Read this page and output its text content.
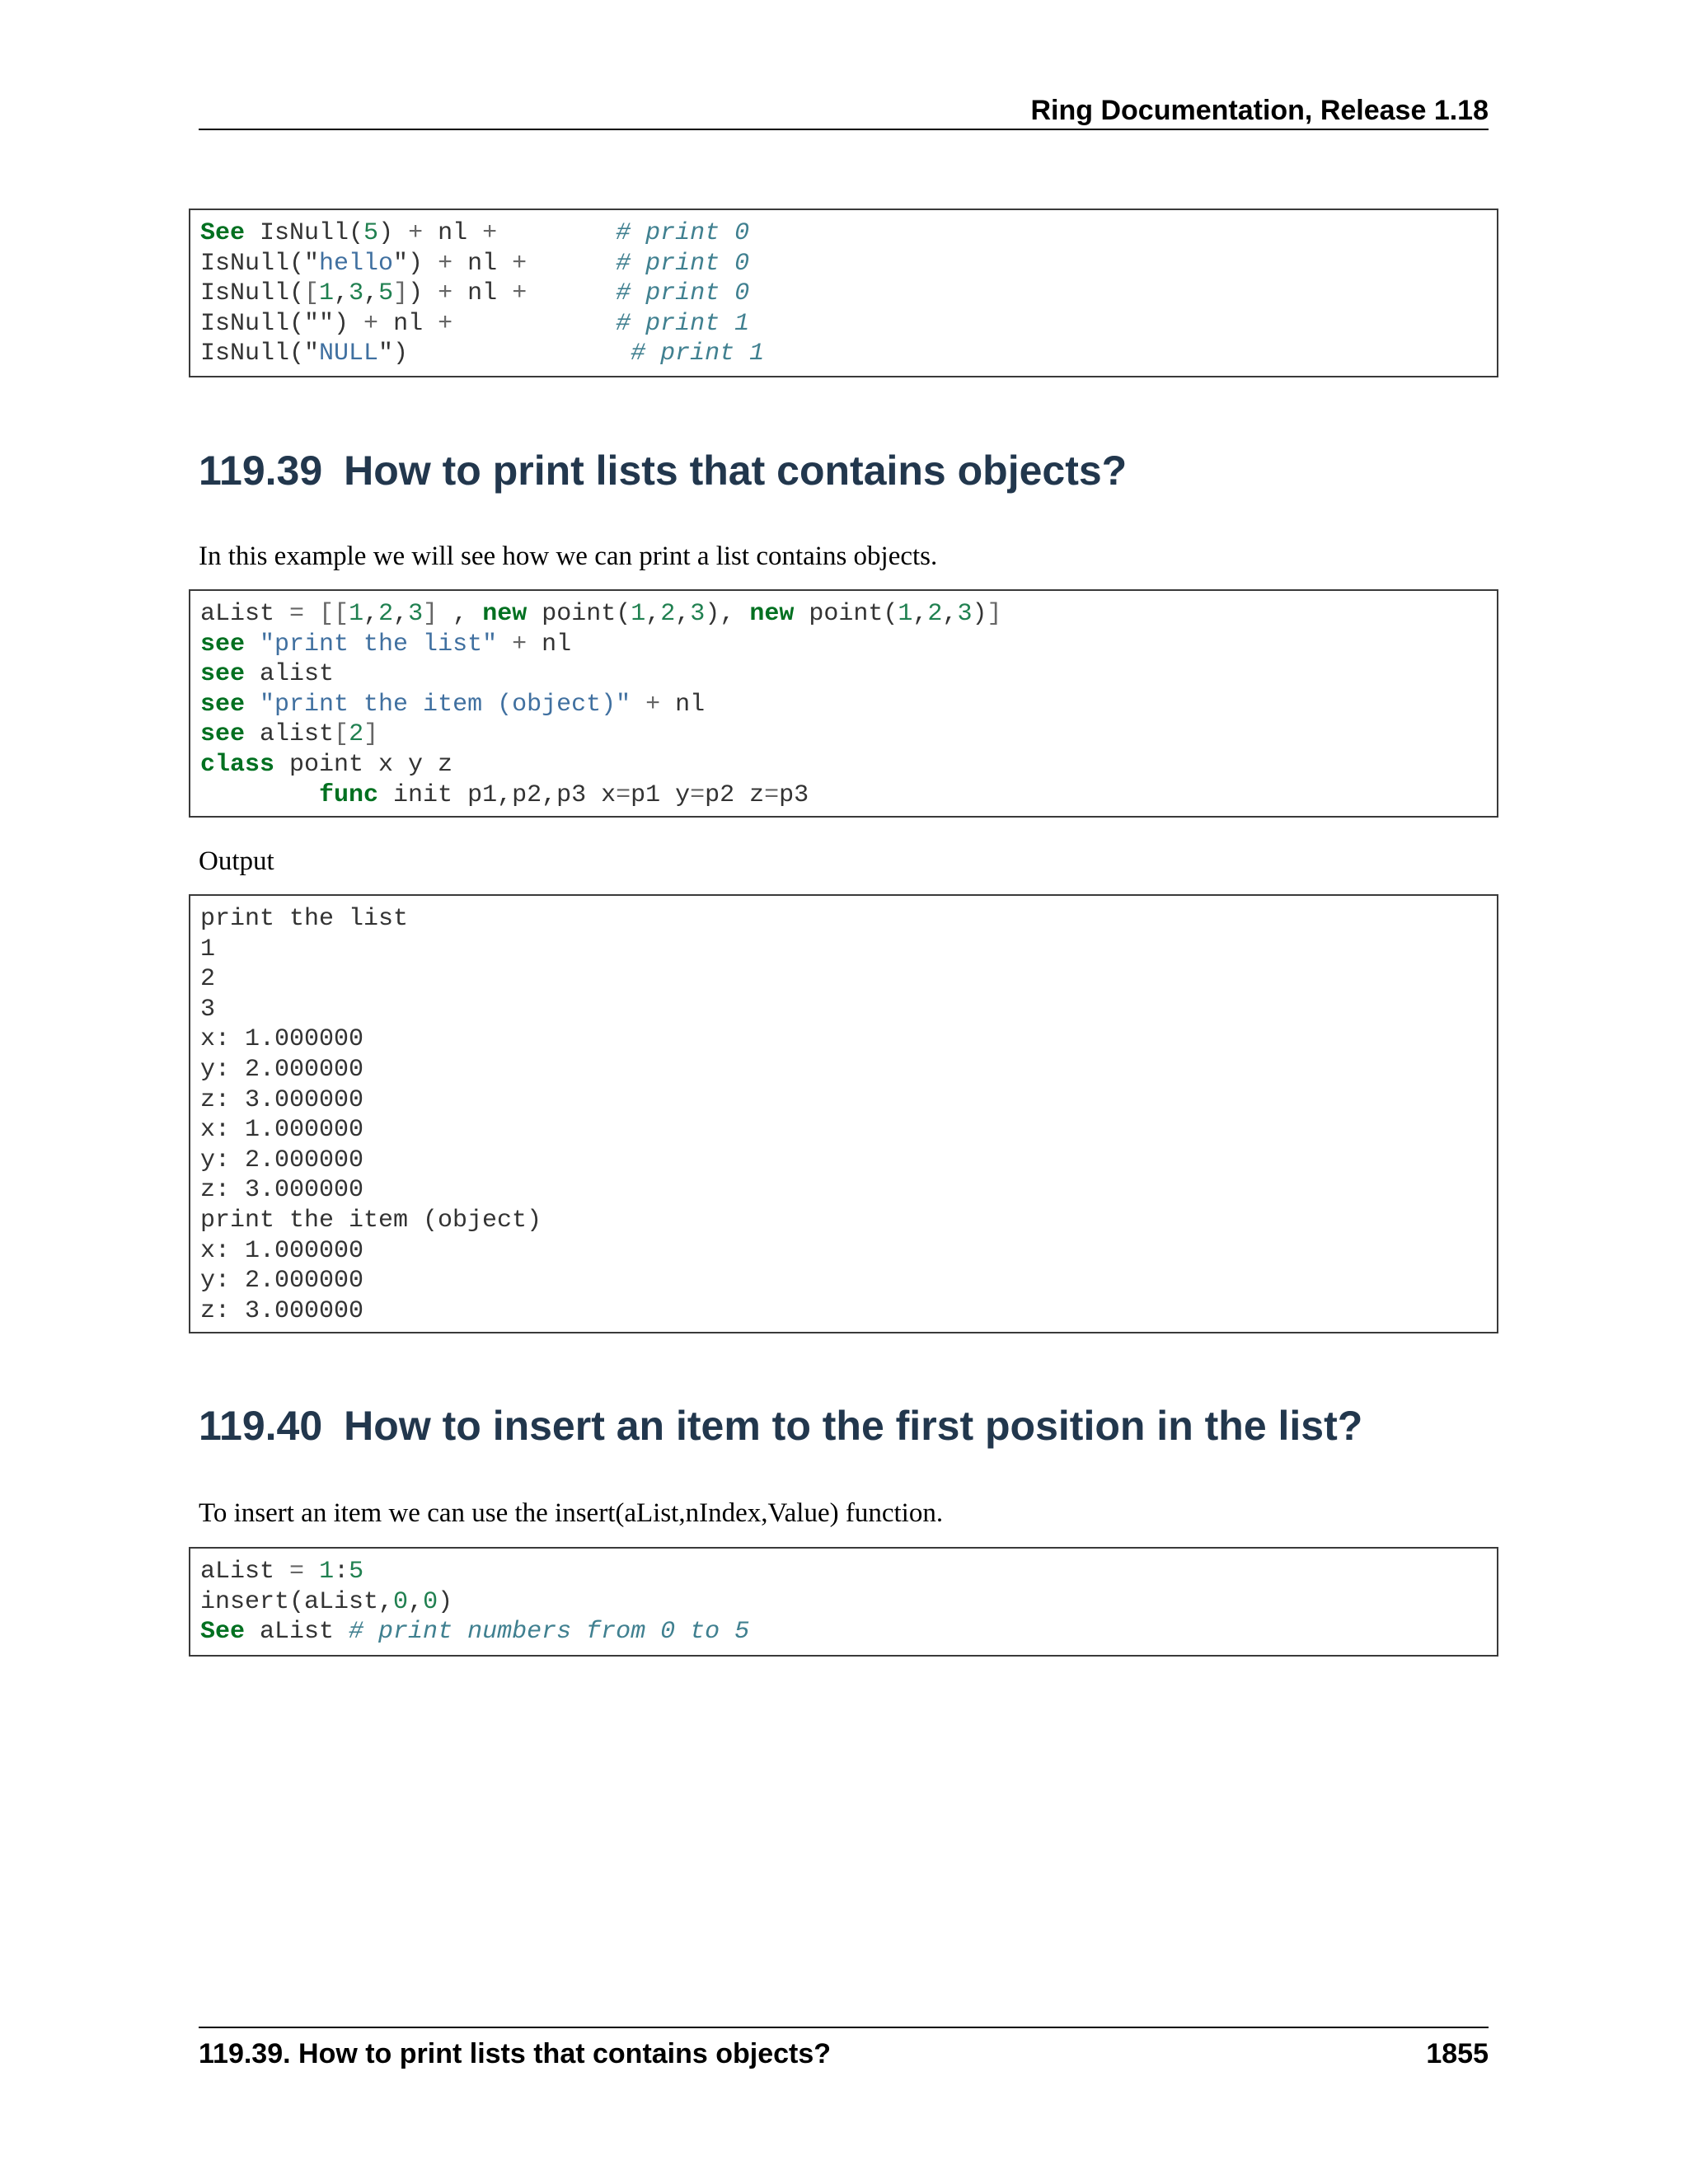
Ring Documentation, Release 1.18
See IsNull(5) + nl +	# print 0
IsNull("hello") + nl +	# print 0
IsNull([1,3,5]) + nl +	# print 0
IsNull("") + nl +	# print 1
IsNull("NULL")               # print 1
119.39 How to print lists that contains objects?

In this example we will see how we can print a list contains objects.

aList = [[1,2,3] , new point(1,2,3), new point(1,2,3)]
see "print the list" + nl
see alist
see "print the item (object)" + nl
see alist[2]
class point x y z
func init p1,p2,p3 x=p1 y=p2 z=p3

Output

print the list
1
2
3
x: 1.000000
y: 2.000000
z: 3.000000
x: 1.000000
y: 2.000000
z: 3.000000
print the item (object)
x: 1.000000
y: 2.000000
z: 3.000000
119.40 How to insert an item to the first position in the list?

To insert an item we can use the insert(aList,nIndex,Value) function.

aList = 1:5
insert(aList,0,0)
See aList # print numbers from 0 to 5
119.39. How to print lists that contains objects?	1855
